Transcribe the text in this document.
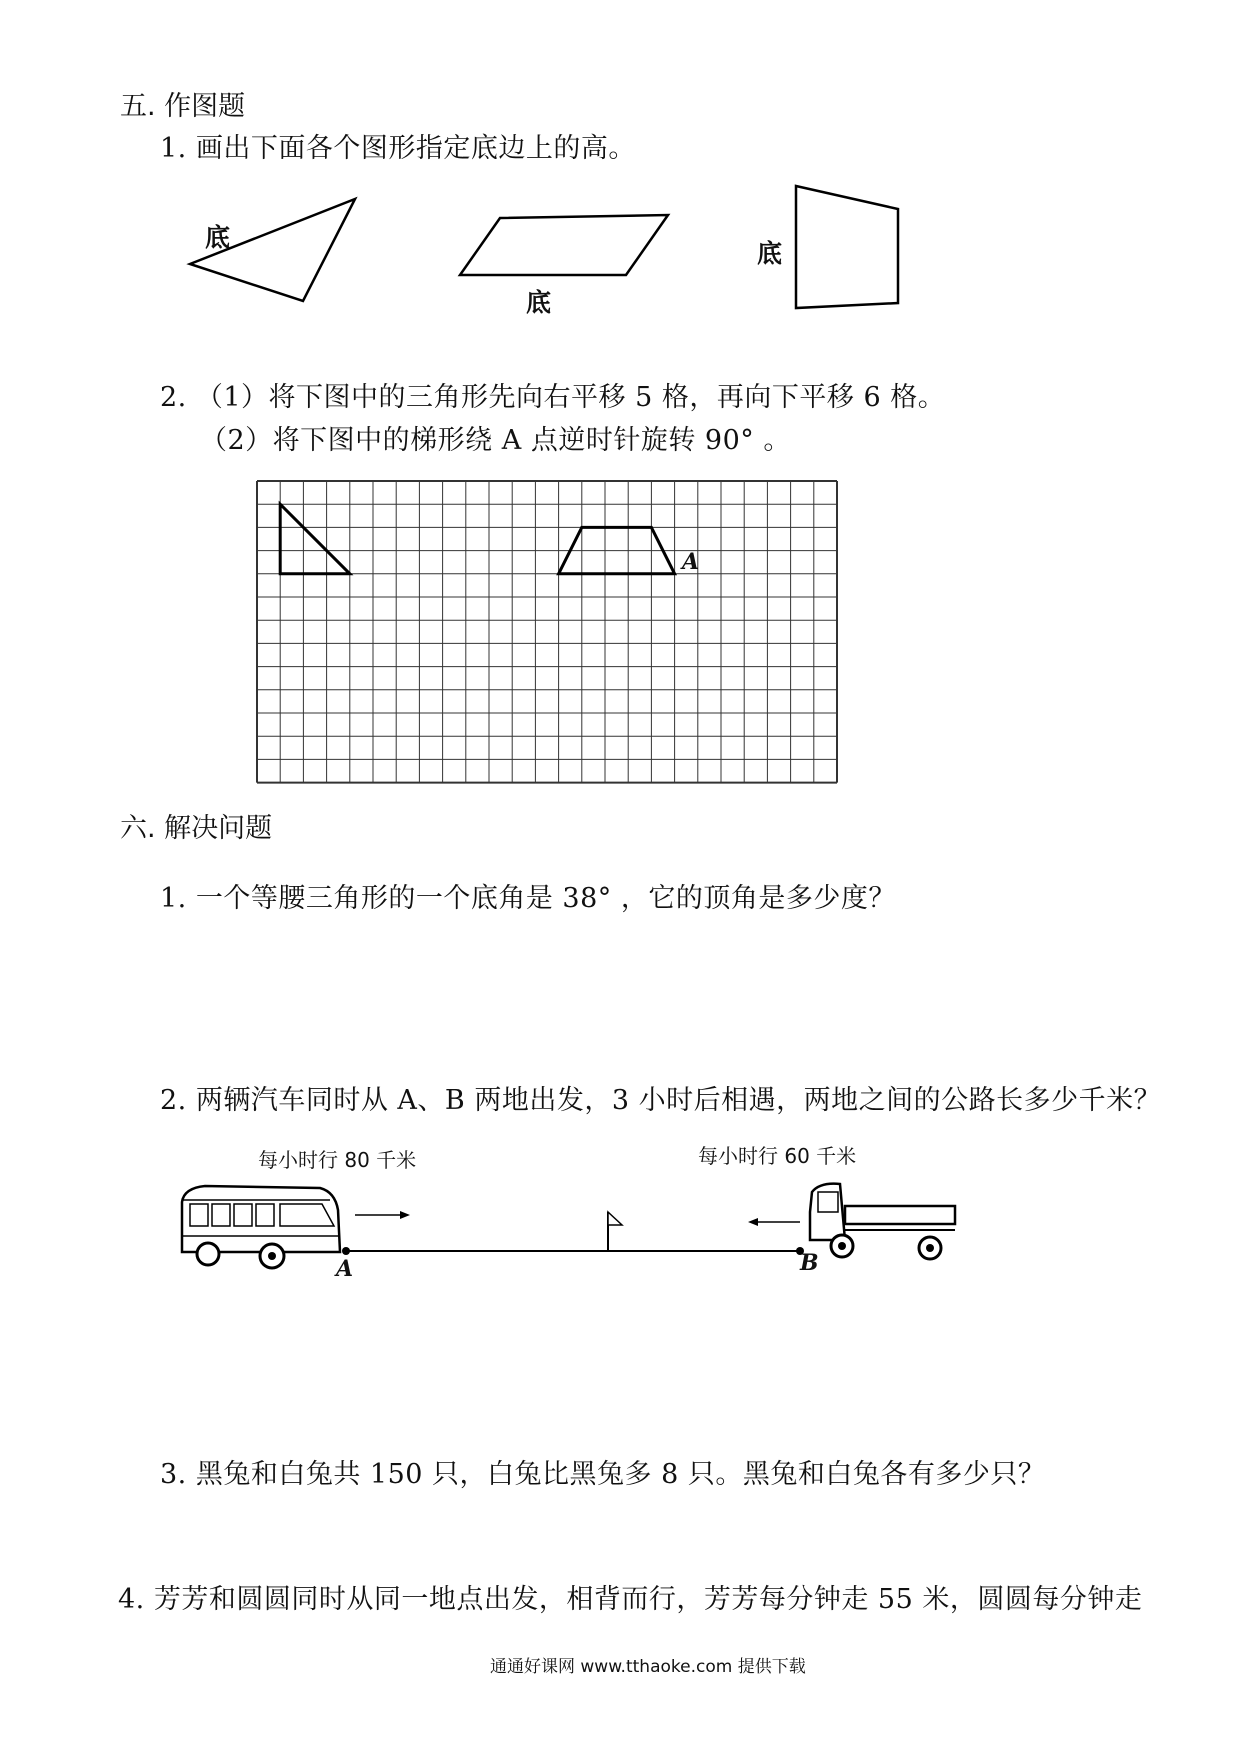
五. 作图题
1. 画出下面各个图形指定底边上的高。
底
底
底
2. （1）将下图中的三角形先向右平移 5 格，再向下平移 6 格。
（2）将下图中的梯形绕 A 点逆时针旋转 90° 。
A
六. 解决问题
1. 一个等腰三角形的一个底角是 38° ，它的顶角是多少度？
2. 两辆汽车同时从 A、B 两地出发，3 小时后相遇，两地之间的公路长多少千米？
每小时行 80 千米	每小时行 60 千米
A	B
3. 黑兔和白兔共 150 只，白兔比黑兔多 8 只。黑兔和白兔各有多少只？
4. 芳芳和圆圆同时从同一地点出发，相背而行，芳芳每分钟走 55 米，圆圆每分钟走
通通好课网 www.tthaoke.com 提供下载
